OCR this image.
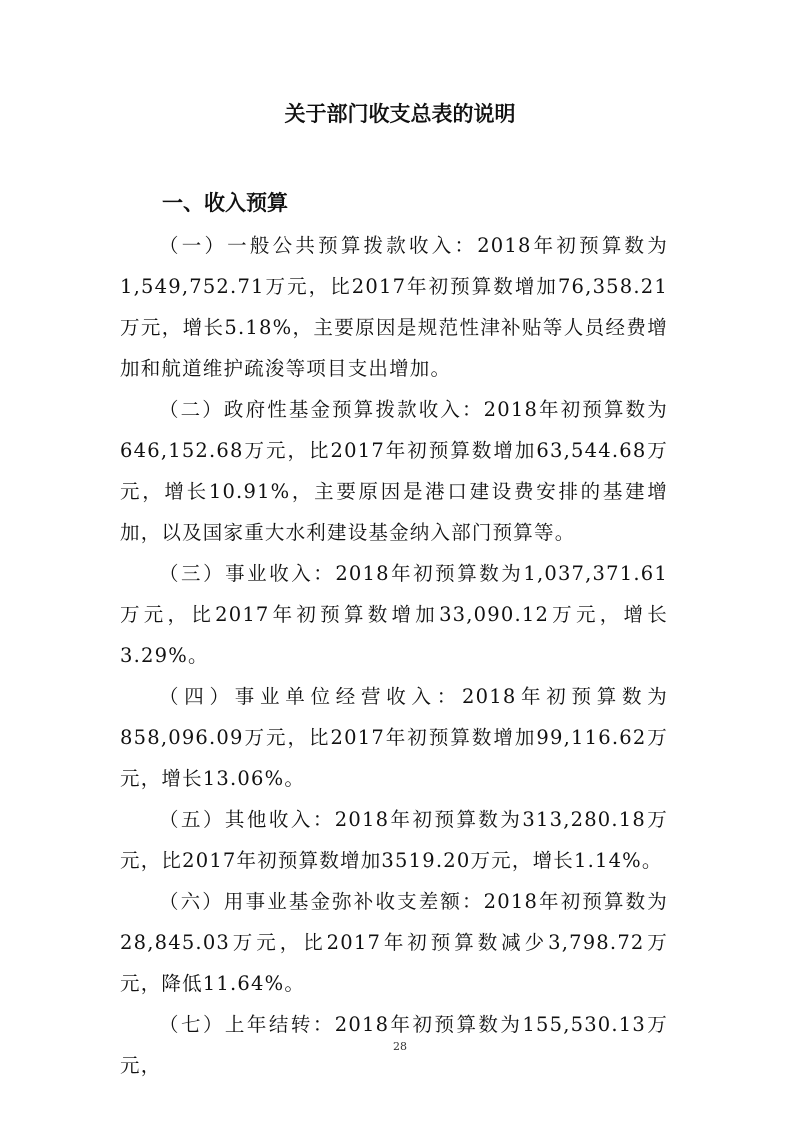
关于部门收支总表的说明
一、收入预算

（一）一般公共预算拨款收入：2018年初预算数为1,549,752.71万元，比2017年初预算数增加76,358.21万元，增长5.18%，主要原因是规范性津补贴等人员经费增加和航道维护疏浚等项目支出增加。

（二）政府性基金预算拨款收入：2018年初预算数为646,152.68万元，比2017年初预算数增加63,544.68万元，增长10.91%，主要原因是港口建设费安排的基建增加，以及国家重大水利建设基金纳入部门预算等。

（三）事业收入：2018年初预算数为1,037,371.61万元，比2017年初预算数增加33,090.12万元，增长3.29%。

（四）事业单位经营收入：2018年初预算数为858,096.09万元，比2017年初预算数增加99,116.62万元，增长13.06%。

（五）其他收入：2018年初预算数为313,280.18万元，比2017年初预算数增加3519.20万元，增长1.14%。

（六）用事业基金弥补收支差额：2018年初预算数为28,845.03万元，比2017年初预算数减少3,798.72万元，降低11.64%。

（七）上年结转：2018年初预算数为155,530.13万元，

28
